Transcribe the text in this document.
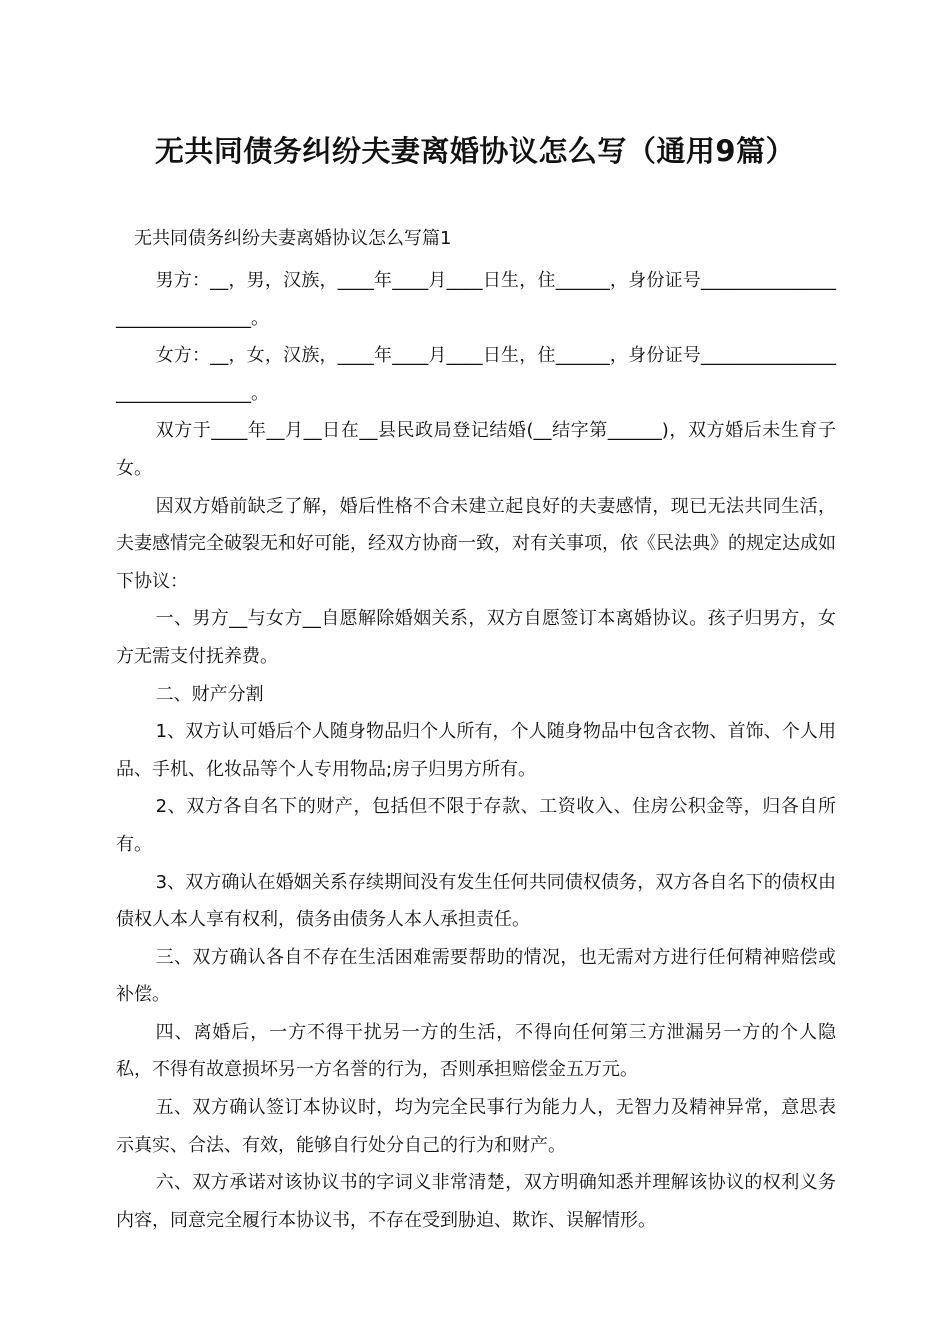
无共同债务纠纷夫妻离婚协议怎么写（通用9篇）
无共同债务纠纷夫妻离婚协议怎么写篇1

男方：__，男，汉族，____年____月____日生，住______，身份证号______________________________。

女方：__，女，汉族，____年____月____日生，住______，身份证号______________________________。

双方于____年__月__日在__县民政局登记结婚(__结字第______)，双方婚后未生育子女。

因双方婚前缺乏了解，婚后性格不合未建立起良好的夫妻感情，现已无法共同生活，夫妻感情完全破裂无和好可能，经双方协商一致，对有关事项，依《民法典》的规定达成如下协议：

一、男方__与女方__自愿解除婚姻关系，双方自愿签订本离婚协议。孩子归男方，女方无需支付抚养费。

二、财产分割

1、双方认可婚后个人随身物品归个人所有，个人随身物品中包含衣物、首饰、个人用品、手机、化妆品等个人专用物品;房子归男方所有。

2、双方各自名下的财产，包括但不限于存款、工资收入、住房公积金等，归各自所有。

3、双方确认在婚姻关系存续期间没有发生任何共同债权债务，双方各自名下的债权由债权人本人享有权利，债务由债务人本人承担责任。

三、双方确认各自不存在生活困难需要帮助的情况，也无需对方进行任何精神赔偿或补偿。

四、离婚后，一方不得干扰另一方的生活，不得向任何第三方泄漏另一方的个人隐私，不得有故意损坏另一方名誉的行为，否则承担赔偿金五万元。

五、双方确认签订本协议时，均为完全民事行为能力人，无智力及精神异常，意思表示真实、合法、有效，能够自行处分自己的行为和财产。

六、双方承诺对该协议书的字词义非常清楚，双方明确知悉并理解该协议的权利义务内容，同意完全履行本协议书，不存在受到胁迫、欺诈、误解情形。
